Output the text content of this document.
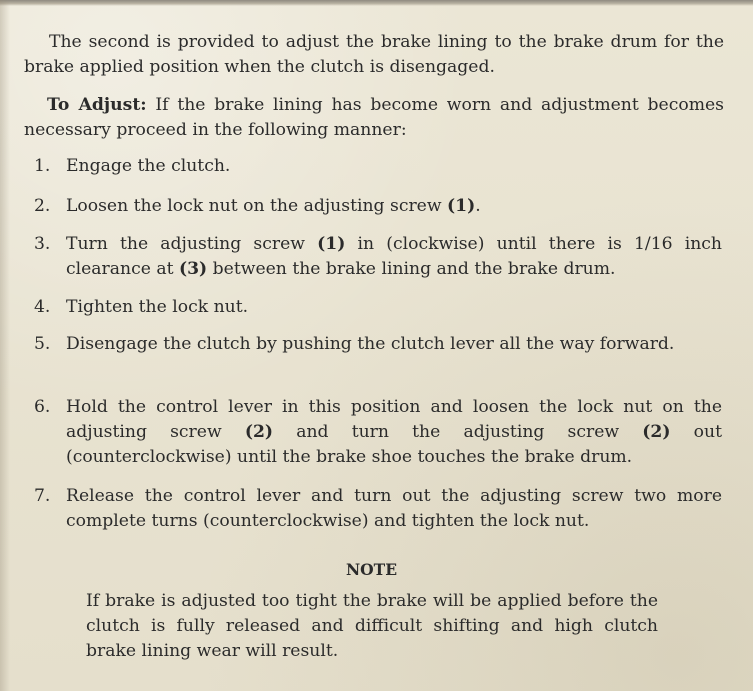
The second is provided to adjust the brake lining to the brake drum for the brake applied position when the clutch is disengaged.

To Adjust: If the brake lining has become worn and adjustment becomes necessary proceed in the following manner:

1. Engage the clutch.

2. Loosen the lock nut on the adjusting screw (1).

3. Turn the adjusting screw (1) in (clockwise) until there is 1/16 inch clearance at (3) between the brake lining and the brake drum.

4. Tighten the lock nut.

5. Disengage the clutch by pushing the clutch lever all the way forward.

6. Hold the control lever in this position and loosen the lock nut on the adjusting screw (2) and turn the adjusting screw (2) out (counterclockwise) until the brake shoe touches the brake drum.

7. Release the control lever and turn out the adjusting screw two more complete turns (counterclockwise) and tighten the lock nut.

NOTE

If brake is adjusted too tight the brake will be applied before the clutch is fully released and difficult shifting and high clutch brake lining wear will result.
